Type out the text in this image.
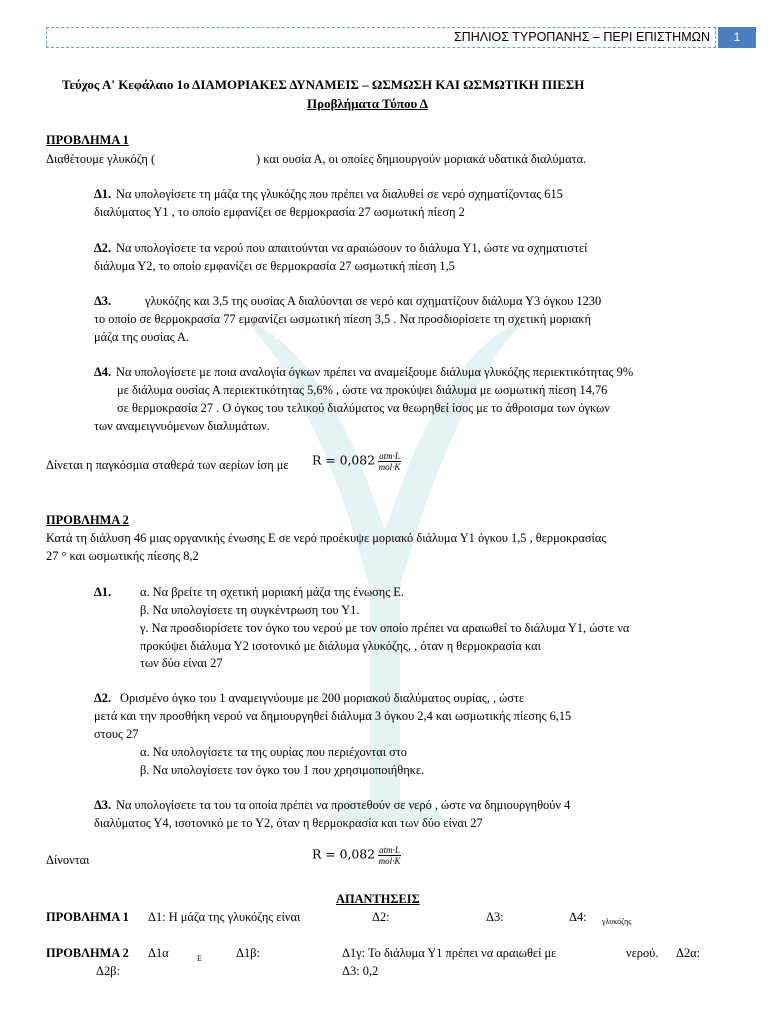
ΣΠΗΛΙΟΣ ΤΥΡΟΠΑΝΗΣ – ΠΕΡΙ ΕΠΙΣΤΗΜΩΝ	1
Τεύχος Α' Κεφάλαιο 1ο ΔΙΑΜΟΡΙΑΚΕΣ ΔΥΝΑΜΕΙΣ – ΩΣΜΩΣΗ ΚΑΙ ΩΣΜΩΤΙΚΗ ΠΙΕΣΗ
Προβλήματα Τύπου Δ
ΠΡΟΒΛΗΜΑ 1
Διαθέτουμε γλυκόζη (	) και ουσία Α, οι οποίες δημιουργούν μοριακά υδατικά διαλύματα.
Δ1. Να υπολογίσετε τη μάζα της γλυκόζης που πρέπει να διαλυθεί σε νερό σχηματίζοντας 615
διαλύματος Υ1 , το οποίο εμφανίζει σε θερμοκρασία 27 ωσμωτική πίεση 2
Δ2. Να υπολογίσετε τα νερού που απαιτούνται να αραιώσουν το διάλυμα Υ1, ώστε να σχηματιστεί
διάλυμα Υ2, το οποίο εμφανίζει σε θερμοκρασία 27 ωσμωτική πίεση 1,5
Δ3.	γλυκόζης και 3,5 της ουσίας Α διαλύονται σε νερό και σχηματίζουν διάλυμα Υ3 όγκου 1230
το οποίο σε θερμοκρασία 77 εμφανίζει ωσμωτική πίεση 3,5 . Να προσδιορίσετε τη σχετική μοριακή
μάζα της ουσίας Α.
Δ4. Να υπολογίσετε με ποια αναλογία όγκων πρέπει να αναμείξουμε διάλυμα γλυκόζης περιεκτικότητας 9%
με διάλυμα ουσίας Α περιεκτικότητας 5,6% , ώστε να προκύψει διάλυμα με ωσμωτική πίεση 14,76
σε θερμοκρασία 27 . Ο όγκος του τελικού διαλύματος να θεωρηθεί ίσος με το άθροισμα των όγκων
των αναμειγνυόμενων διαλυμάτων.
Δίνεται η παγκόσμια σταθερά των αερίων ίση με $R = 0,082 \frac{\text{atm·L}}{\text{mol·K}}$
ΠΡΟΒΛΗΜΑ 2
Κατά τη διάλυση 46 μιας οργανικής ένωσης Ε σε νερό προέκυψε μοριακό διάλυμα Υ1 όγκου 1,5 , θερμοκρασίας
27 ° και ωσμωτικής πίεσης 8,2
Δ1. α. Να βρείτε τη σχετική μοριακή μάζα της ένωσης Ε.
β. Να υπολογίσετε τη συγκέντρωση του Υ1.
γ. Να προσδιορίσετε τον όγκο του νερού με τον οποίο πρέπει να αραιωθεί το διάλυμα Υ1, ώστε να
προκύψει διάλυμα Υ2 ισοτονικό με διάλυμα γλυκόζης, , όταν η θερμοκρασία και
των δύο είναι 27
Δ2. Ορισμένο όγκο του 1 αναμειγνύουμε με 200 μοριακού διαλύματος ουρίας, , ώστε
μετά και την προσθήκη νερού να δημιουργηθεί διάλυμα 3 όγκου 2,4 και ωσμωτικής πίεσης 6,15
στους 27
α. Να υπολογίσετε τα της ουρίας που περιέχονται στο
β. Να υπολογίσετε τον όγκο του 1 που χρησιμοποιήθηκε.
Δ3. Να υπολογίσετε τα του τα οποία πρέπει να προστεθούν σε νερό , ώστε να δημιουργηθούν 4
διαλύματος Υ4, ισοτονικό με το Υ2, όταν η θερμοκρασία και των δύο είναι 27
Δίνονται	$R = 0,082 \frac{\text{atm·L}}{\text{mol·K}}$
ΑΠΑΝΤΗΣΕΙΣ
ΠΡΟΒΛΗΜΑ 1 Δ1: Η μάζα της γλυκόζης είναι	Δ2:	Δ3:	Δ4: γλυκόζης
ΠΡΟΒΛΗΜΑ 2 Δ1α	Ε	Δ1β:	Δ1γ: Το διάλυμα Υ1 πρέπει να αραιωθεί με	νερού. Δ2α:
Δ2β:	Δ3: 0,2
